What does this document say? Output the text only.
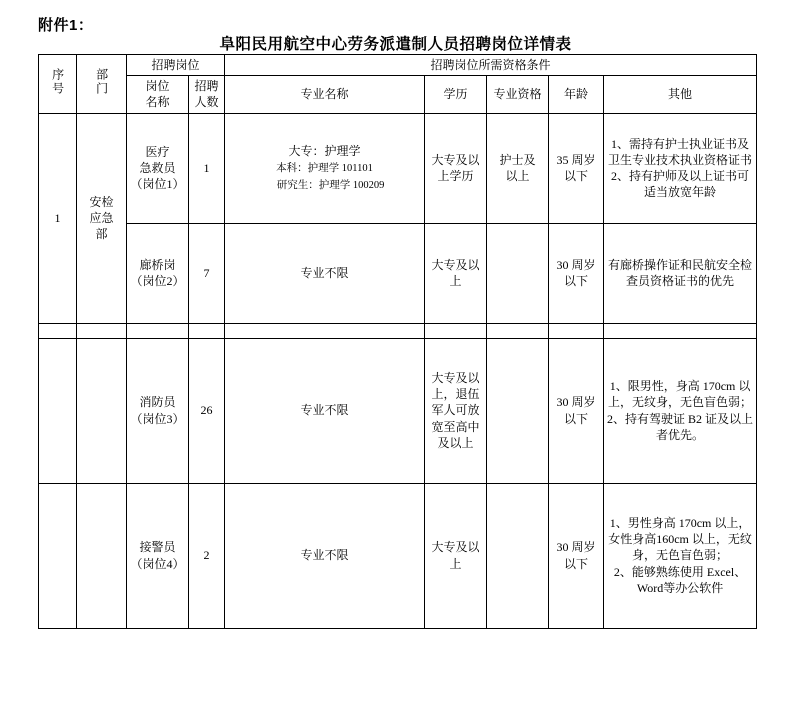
附件1：
阜阳民用航空中心劳务派遣制人员招聘岗位详情表
序号	部门	招聘岗位		招聘岗位所需资格条件				
		岗位
名称	招聘
人数	专业名称	学历	专业资格	年龄	其他
1	安检
应急
部	医疗
急救员
（岗位1）	1	大专：护理学
本科：护理学 101101
研究生：护理学 100209	大专及以
上学历	护士及
以上	35 周岁
以下	1、需持有护士执业证书及卫生专业技术执业资格证书
2、持有护师及以上证书可适当放宽年龄
		廊桥岗
（岗位2）	7	专业不限	大专及以
上		30 周岁
以下	有廊桥操作证和民航安全检查员资格证书的优先

		消防员
（岗位3）	26	专业不限	大专及以
上，退伍
军人可放
宽至高中
及以上		30 周岁
以下	1、限男性，身高 170cm 以上，无纹身，无色盲色弱；
2、持有驾驶证 B2 证及以上者优先。
		接警员
（岗位4）	2	专业不限	大专及以
上		30 周岁
以下	1、男性身高 170cm 以上，女性身高160cm 以上，无纹身，无色盲色弱；
2、能够熟练使用 Excel、Word等办公软件
